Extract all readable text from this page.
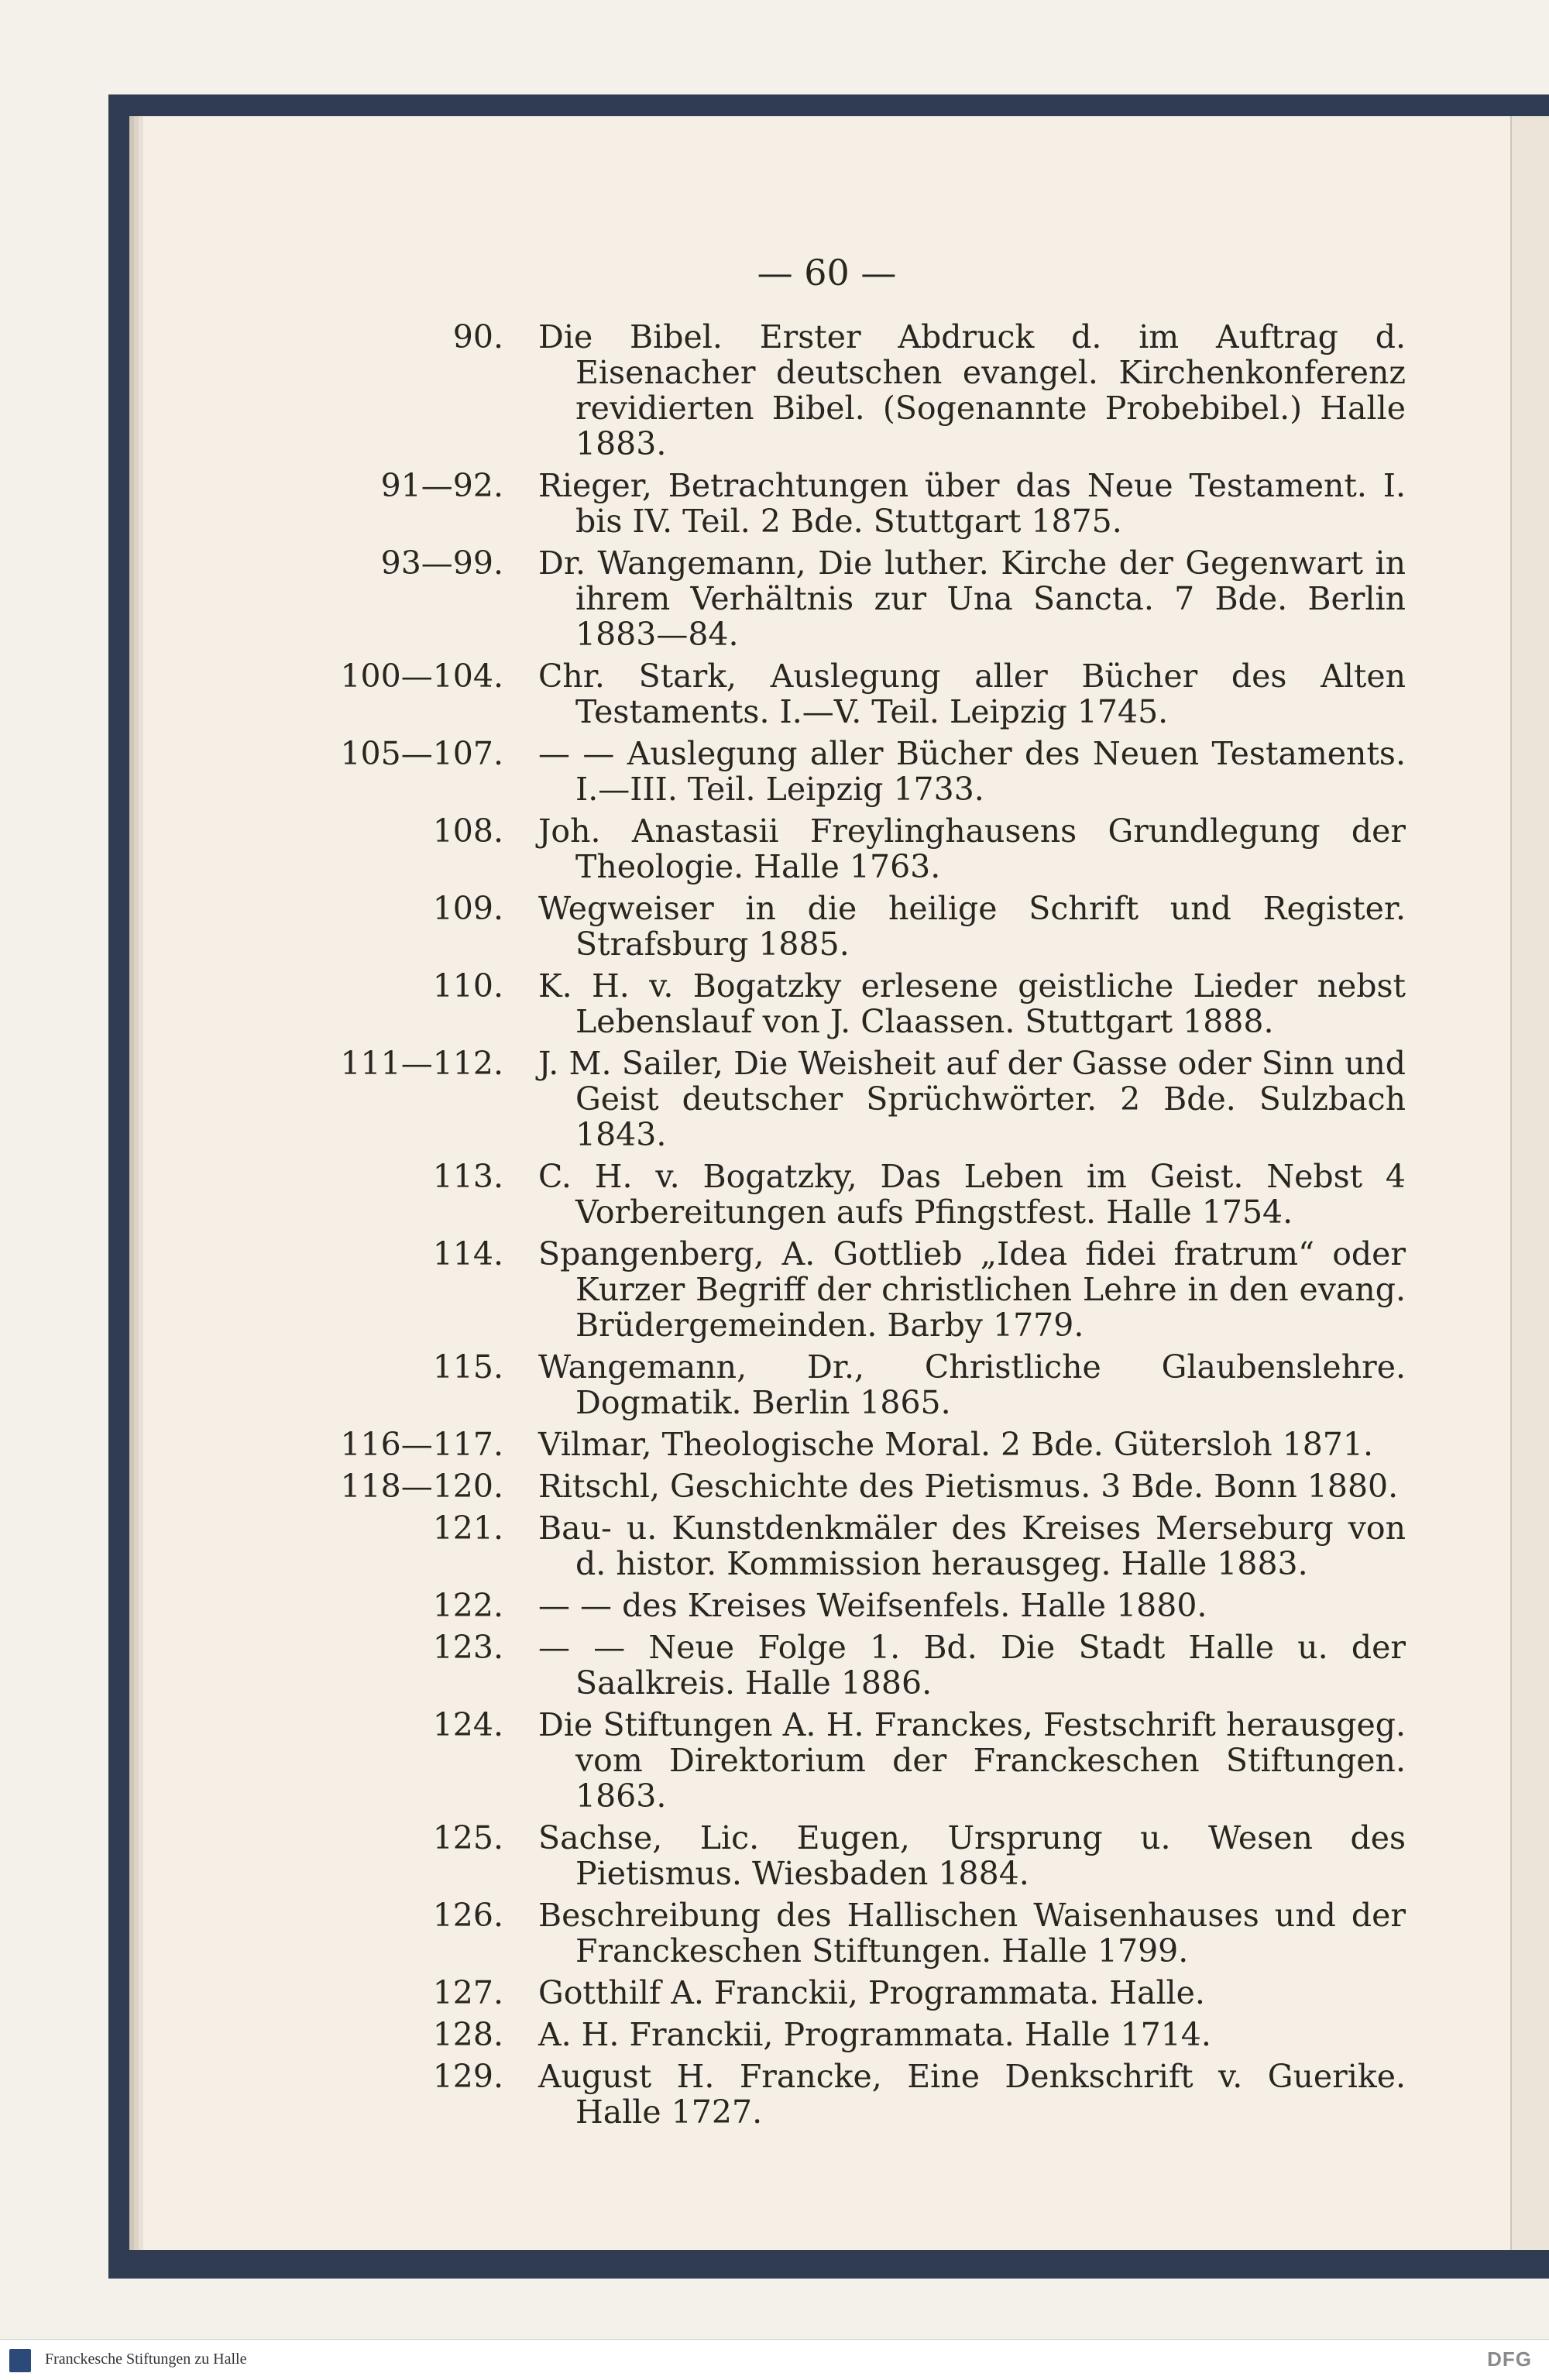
— 60 —
90. Die Bibel. Erster Abdruck d. im Auftrag d. Eisenacher deutschen evangel. Kirchenkonferenz revidierten Bibel. (Sogenannte Probebibel.) Halle 1883.
91—92. Rieger, Betrachtungen über das Neue Testament. I. bis IV. Teil. 2 Bde. Stuttgart 1875.
93—99. Dr. Wangemann, Die luther. Kirche der Gegenwart in ihrem Verhältnis zur Una Sancta. 7 Bde. Berlin 1883—84.
100—104. Chr. Stark, Auslegung aller Bücher des Alten Testaments. I.—V. Teil. Leipzig 1745.
105—107. — — Auslegung aller Bücher des Neuen Testaments. I.—III. Teil. Leipzig 1733.
108. Joh. Anastasii Freylinghausens Grundlegung der Theologie. Halle 1763.
109. Wegweiser in die heilige Schrift und Register. Strafsburg 1885.
110. K. H. v. Bogatzky erlesene geistliche Lieder nebst Lebenslauf von J. Claassen. Stuttgart 1888.
111—112. J. M. Sailer, Die Weisheit auf der Gasse oder Sinn und Geist deutscher Sprüchwörter. 2 Bde. Sulzbach 1843.
113. C. H. v. Bogatzky, Das Leben im Geist. Nebst 4 Vorbereitungen aufs Pfingstfest. Halle 1754.
114. Spangenberg, A. Gottlieb „Idea fidei fratrum“ oder Kurzer Begriff der christlichen Lehre in den evang. Brüdergemeinden. Barby 1779.
115. Wangemann, Dr., Christliche Glaubenslehre. Dogmatik. Berlin 1865.
116—117. Vilmar, Theologische Moral. 2 Bde. Gütersloh 1871.
118—120. Ritschl, Geschichte des Pietismus. 3 Bde. Bonn 1880.
121. Bau- u. Kunstdenkmäler des Kreises Merseburg von d. histor. Kommission herausgeg. Halle 1883.
122. — — des Kreises Weifsenfels. Halle 1880.
123. — — Neue Folge 1. Bd. Die Stadt Halle u. der Saalkreis. Halle 1886.
124. Die Stiftungen A. H. Franckes, Festschrift herausgeg. vom Direktorium der Franckeschen Stiftungen. 1863.
125. Sachse, Lic. Eugen, Ursprung u. Wesen des Pietismus. Wiesbaden 1884.
126. Beschreibung des Hallischen Waisenhauses und der Franckeschen Stiftungen. Halle 1799.
127. Gotthilf A. Franckii, Programmata. Halle.
128. A. H. Franckii, Programmata. Halle 1714.
129. August H. Francke, Eine Denkschrift v. Guerike. Halle 1727.
Franckesche Stiftungen zu Halle	DFG
